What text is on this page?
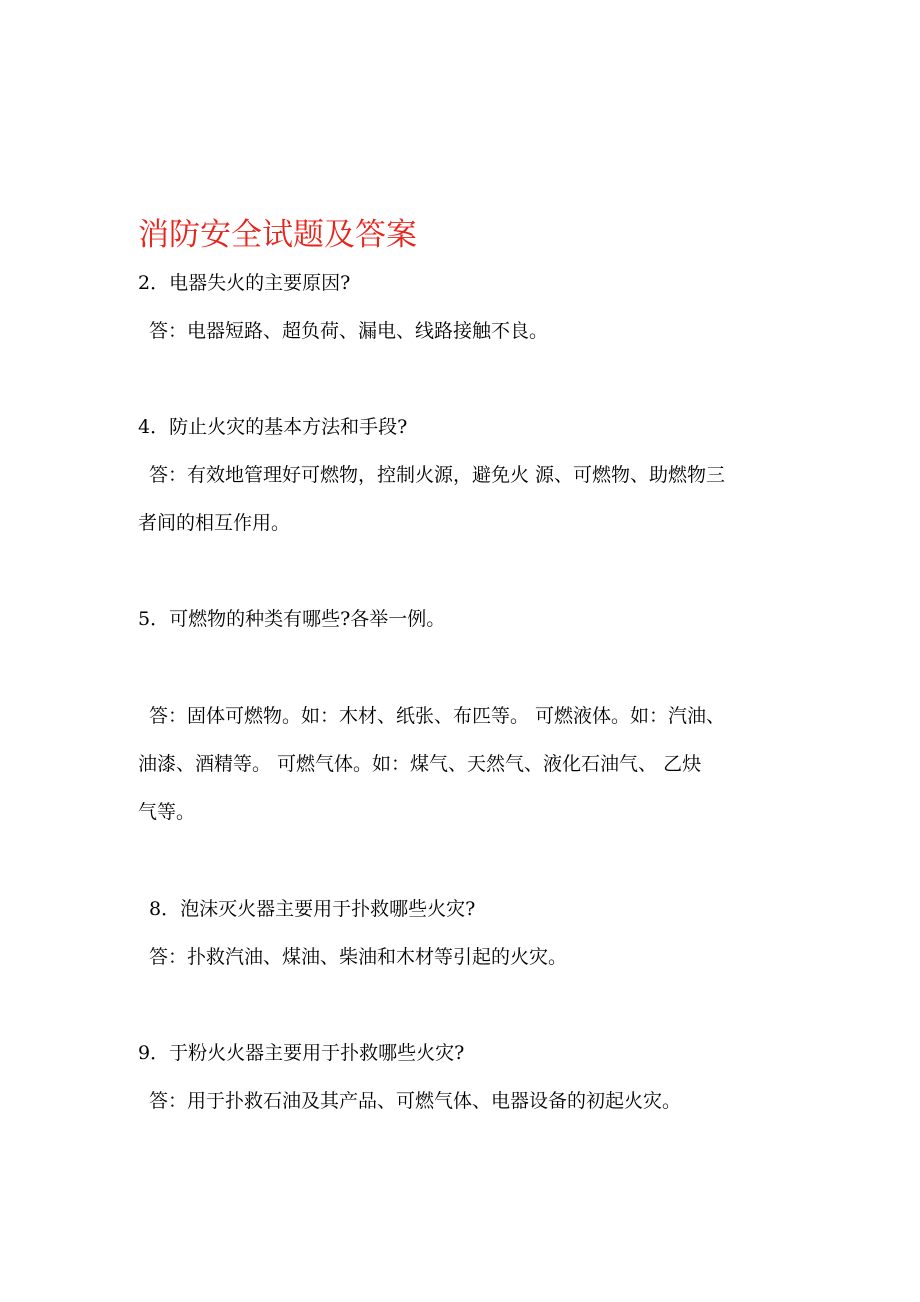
消防安全试题及答案
2．电器失火的主要原因?
答：电器短路、超负荷、漏电、线路接触不良。
4．防止火灾的基本方法和手段?
答：有效地管理好可燃物，控制火源，避免火 源、可燃物、助燃物三
者间的相互作用。
5．可燃物的种类有哪些?各举一例。
答：固体可燃物。如：木材、纸张、布匹等。 可燃液体。如：汽油、
油漆、酒精等。 可燃气体。如：煤气、天然气、液化石油气、 乙炔
气等。
8．泡沫灭火器主要用于扑救哪些火灾?
答：扑救汽油、煤油、柴油和木材等引起的火灾。
9．于粉火火器主要用于扑救哪些火灾?
答：用于扑救石油及其产品、可燃气体、电器设备的初起火灾。
